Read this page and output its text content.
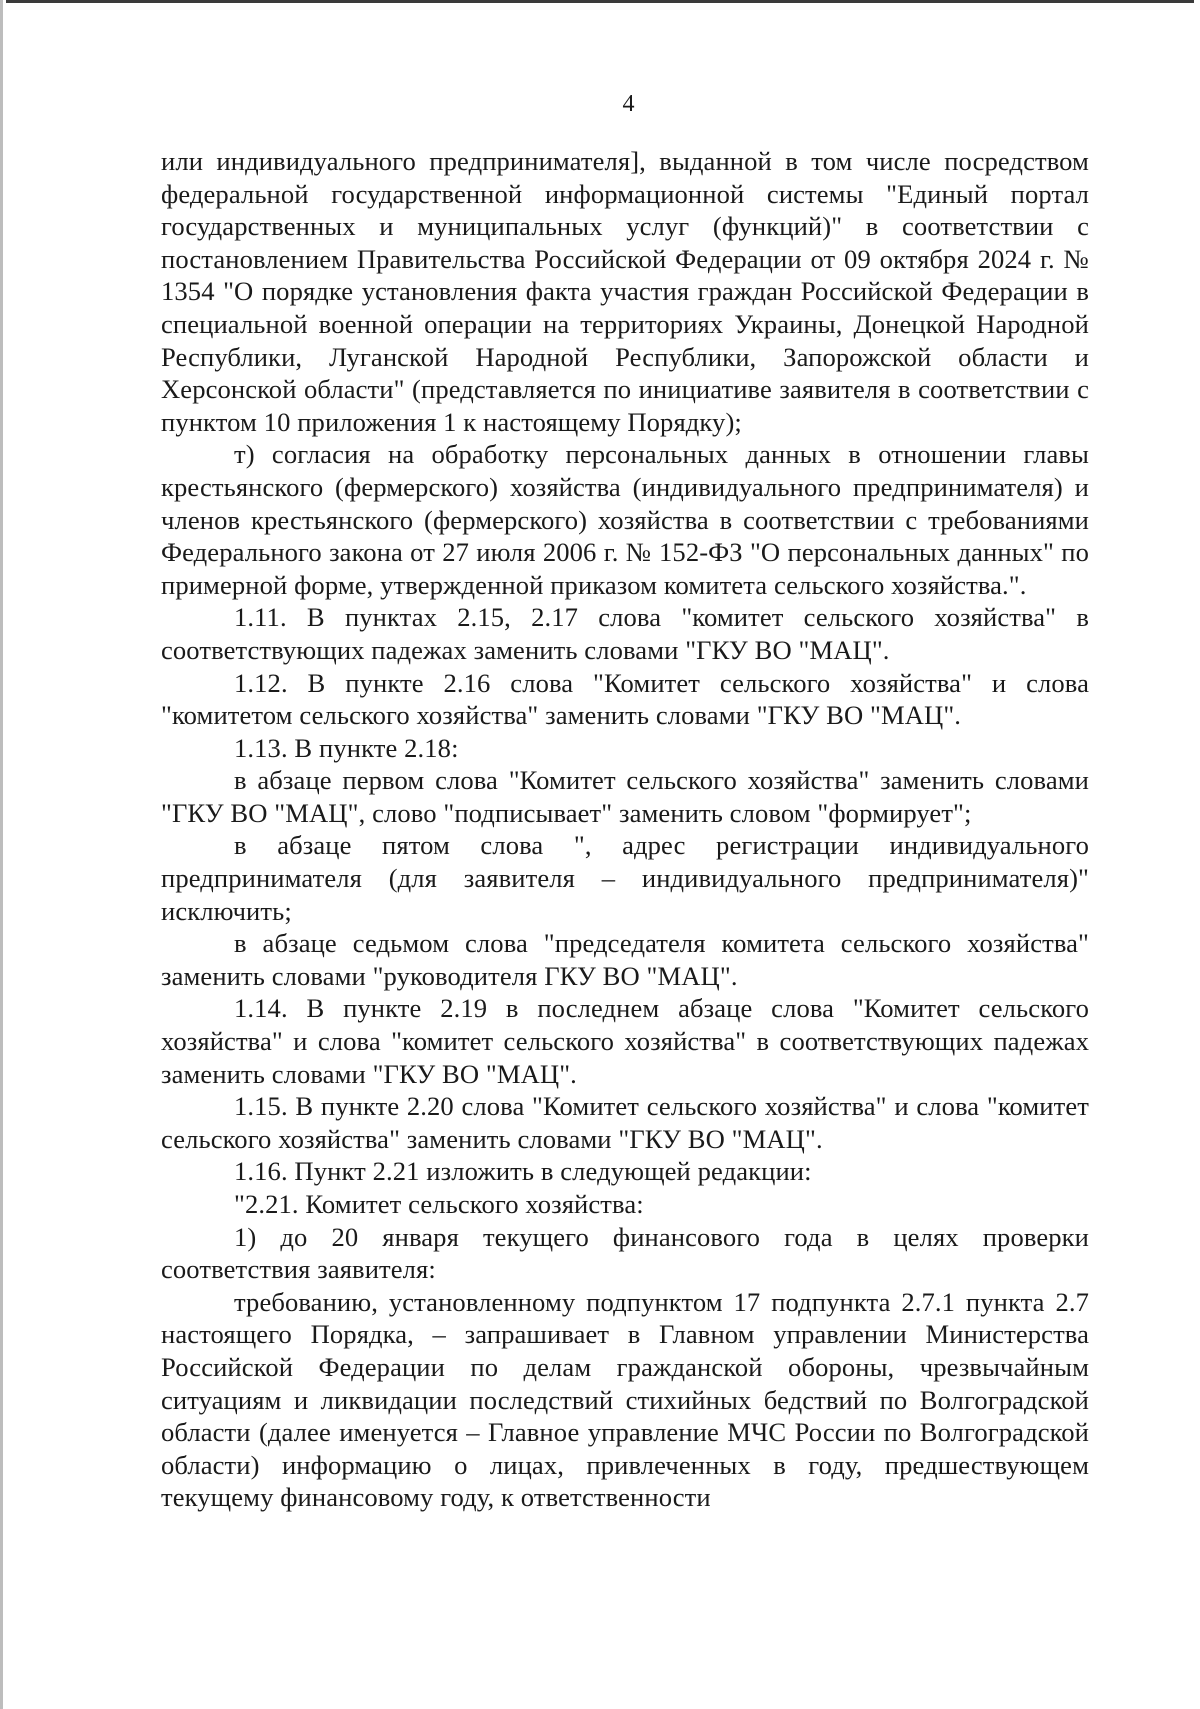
4

или индивидуального предпринимателя], выданной в том числе посредством федеральной государственной информационной системы "Единый портал государственных и муниципальных услуг (функций)" в соответствии с постановлением Правительства Российской Федерации от 09 октября 2024 г. № 1354 "О порядке установления факта участия граждан Российской Федерации в специальной военной операции на территориях Украины, Донецкой Народной Республики, Луганской Народной Республики, Запорожской области и Херсонской области" (представляется по инициативе заявителя в соответствии с пунктом 10 приложения 1 к настоящему Порядку);

т) согласия на обработку персональных данных в отношении главы крестьянского (фермерского) хозяйства (индивидуального предпринимателя) и членов крестьянского (фермерского) хозяйства в соответствии с требованиями Федерального закона от 27 июля 2006 г. № 152-ФЗ "О персональных данных" по примерной форме, утвержденной приказом комитета сельского хозяйства.".

1.11. В пунктах 2.15, 2.17 слова "комитет сельского хозяйства" в соответствующих падежах заменить словами "ГКУ ВО "МАЦ".

1.12. В пункте 2.16 слова "Комитет сельского хозяйства" и слова "комитетом сельского хозяйства" заменить словами "ГКУ ВО "МАЦ".

1.13. В пункте 2.18:

в абзаце первом слова "Комитет сельского хозяйства" заменить словами "ГКУ ВО "МАЦ", слово "подписывает" заменить словом "формирует";

в абзаце пятом слова ", адрес регистрации индивидуального предпринимателя (для заявителя – индивидуального предпринимателя)" исключить;

в абзаце седьмом слова "председателя комитета сельского хозяйства" заменить словами "руководителя ГКУ ВО "МАЦ".

1.14. В пункте 2.19 в последнем абзаце слова "Комитет сельского хозяйства" и слова "комитет сельского хозяйства" в соответствующих падежах заменить словами "ГКУ ВО "МАЦ".

1.15. В пункте 2.20 слова "Комитет сельского хозяйства" и слова "комитет сельского хозяйства" заменить словами "ГКУ ВО "МАЦ".

1.16. Пункт 2.21 изложить в следующей редакции:

"2.21. Комитет сельского хозяйства:

1) до 20 января текущего финансового года в целях проверки соответствия заявителя:

требованию, установленному подпунктом 17 подпункта 2.7.1 пункта 2.7 настоящего Порядка, – запрашивает в Главном управлении Министерства Российской Федерации по делам гражданской обороны, чрезвычайным ситуациям и ликвидации последствий стихийных бедствий по Волгоградской области (далее именуется – Главное управление МЧС России по Волгоградской области) информацию о лицах, привлеченных в году, предшествующем текущему финансовому году, к ответственности
